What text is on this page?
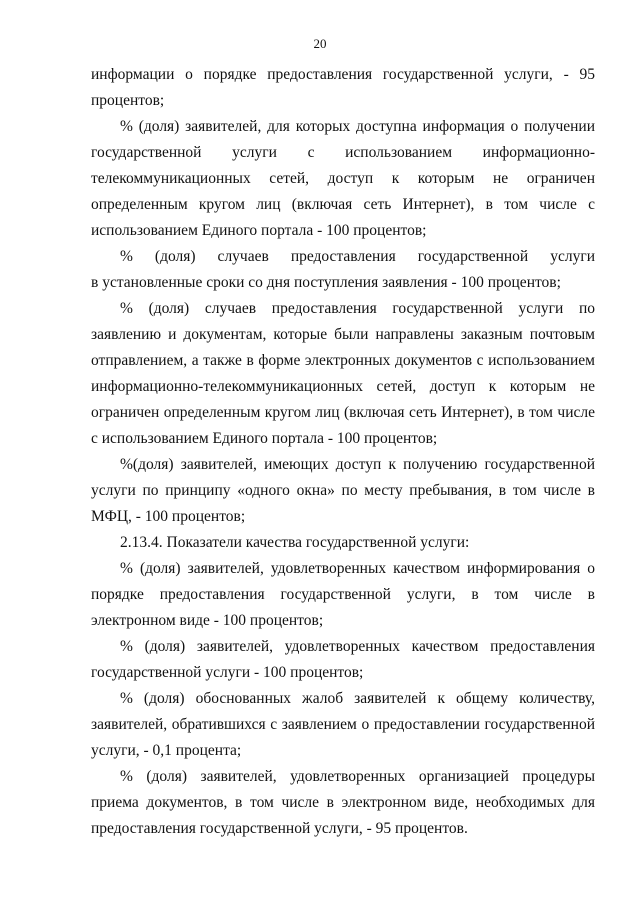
20

информации о порядке предоставления государственной услуги, - 95 процентов;

% (доля) заявителей, для которых доступна информация о получении государственной услуги с использованием информационно-телекоммуникационных сетей, доступ к которым не ограничен определенным кругом лиц (включая сеть Интернет), в том числе с использованием Единого портала - 100 процентов;

% (доля) случаев предоставления государственной услуги

в установленные сроки со дня поступления заявления - 100 процентов;

% (доля) случаев предоставления государственной услуги по заявлению и документам, которые были направлены заказным почтовым отправлением, а также в форме электронных документов с использованием информационно-телекоммуникационных сетей, доступ к которым не ограничен определенным кругом лиц (включая сеть Интернет), в том числе с использованием Единого портала - 100 процентов;

%(доля) заявителей, имеющих доступ к получению государственной услуги по принципу «одного окна» по месту пребывания, в том числе в МФЦ, - 100 процентов;

2.13.4. Показатели качества государственной услуги:

% (доля) заявителей, удовлетворенных качеством информирования о порядке предоставления государственной услуги, в том числе в электронном виде - 100 процентов;

% (доля) заявителей, удовлетворенных качеством предоставления государственной услуги - 100 процентов;

% (доля) обоснованных жалоб заявителей к общему количеству, заявителей, обратившихся с заявлением о предоставлении государственной услуги, - 0,1 процента;

% (доля) заявителей, удовлетворенных организацией процедуры приема документов, в том числе в электронном виде, необходимых для предоставления государственной услуги, - 95 процентов.
